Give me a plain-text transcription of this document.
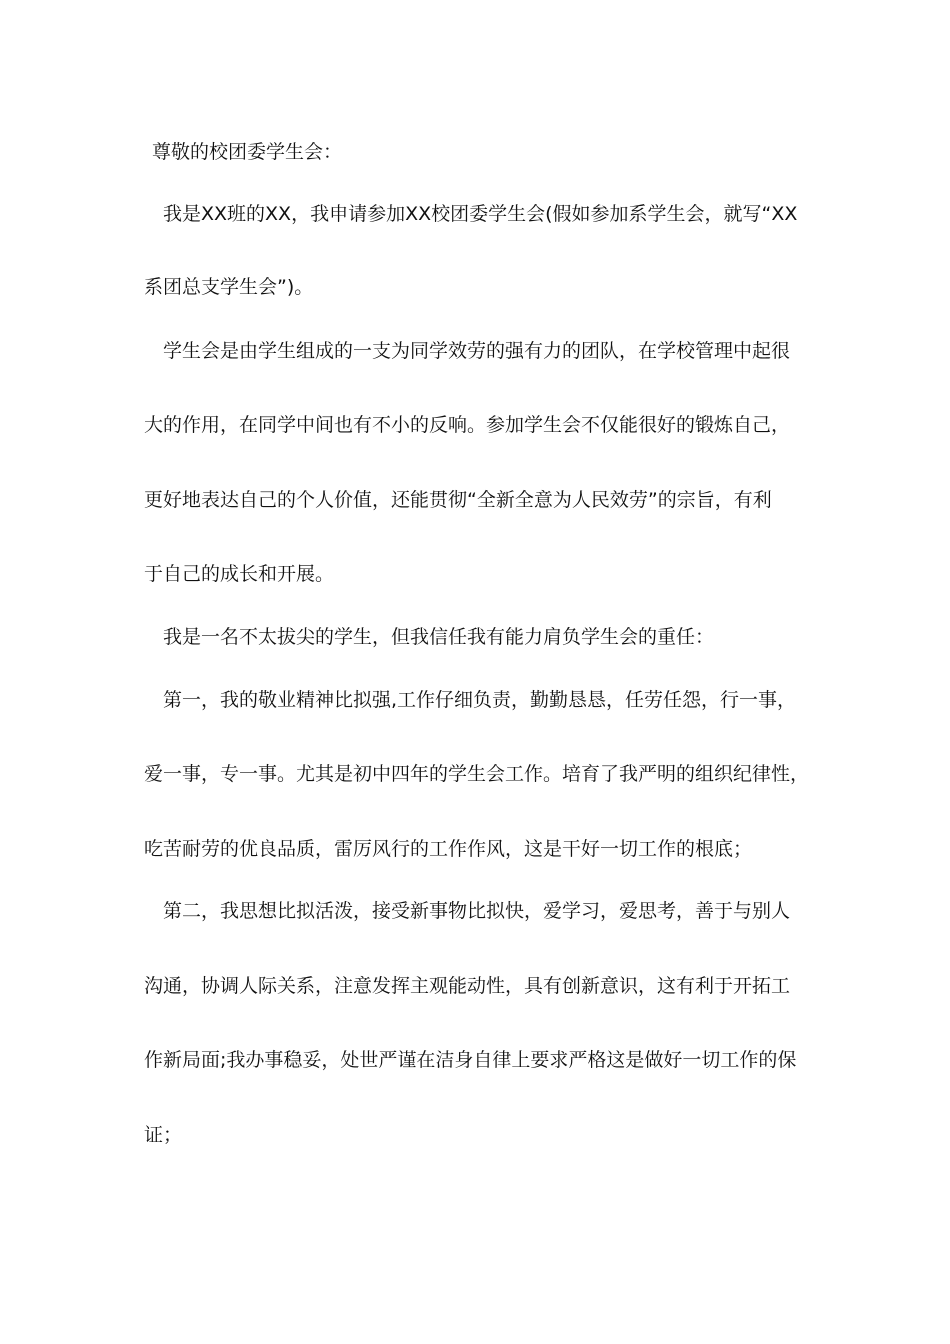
尊敬的校团委学生会：
我是XX班的XX，我申请参加XX校团委学生会(假如参加系学生会，就写“XX
系团总支学生会”)。
学生会是由学生组成的一支为同学效劳的强有力的团队，在学校管理中起很
大的作用，在同学中间也有不小的反响。参加学生会不仅能很好的锻炼自己，
更好地表达自己的个人价值，还能贯彻“全新全意为人民效劳”的宗旨，有利
于自己的成长和开展。
我是一名不太拔尖的学生，但我信任我有能力肩负学生会的重任：
第一，我的敬业精神比拟强,工作仔细负责，勤勤恳恳，任劳任怨，行一事，
爱一事，专一事。尤其是初中四年的学生会工作。培育了我严明的组织纪律性，
吃苦耐劳的优良品质，雷厉风行的工作作风，这是干好一切工作的根底；
第二，我思想比拟活泼，接受新事物比拟快，爱学习，爱思考，善于与别人
沟通，协调人际关系，注意发挥主观能动性，具有创新意识，这有利于开拓工
作新局面;我办事稳妥，处世严谨在洁身自律上要求严格这是做好一切工作的保
证；
